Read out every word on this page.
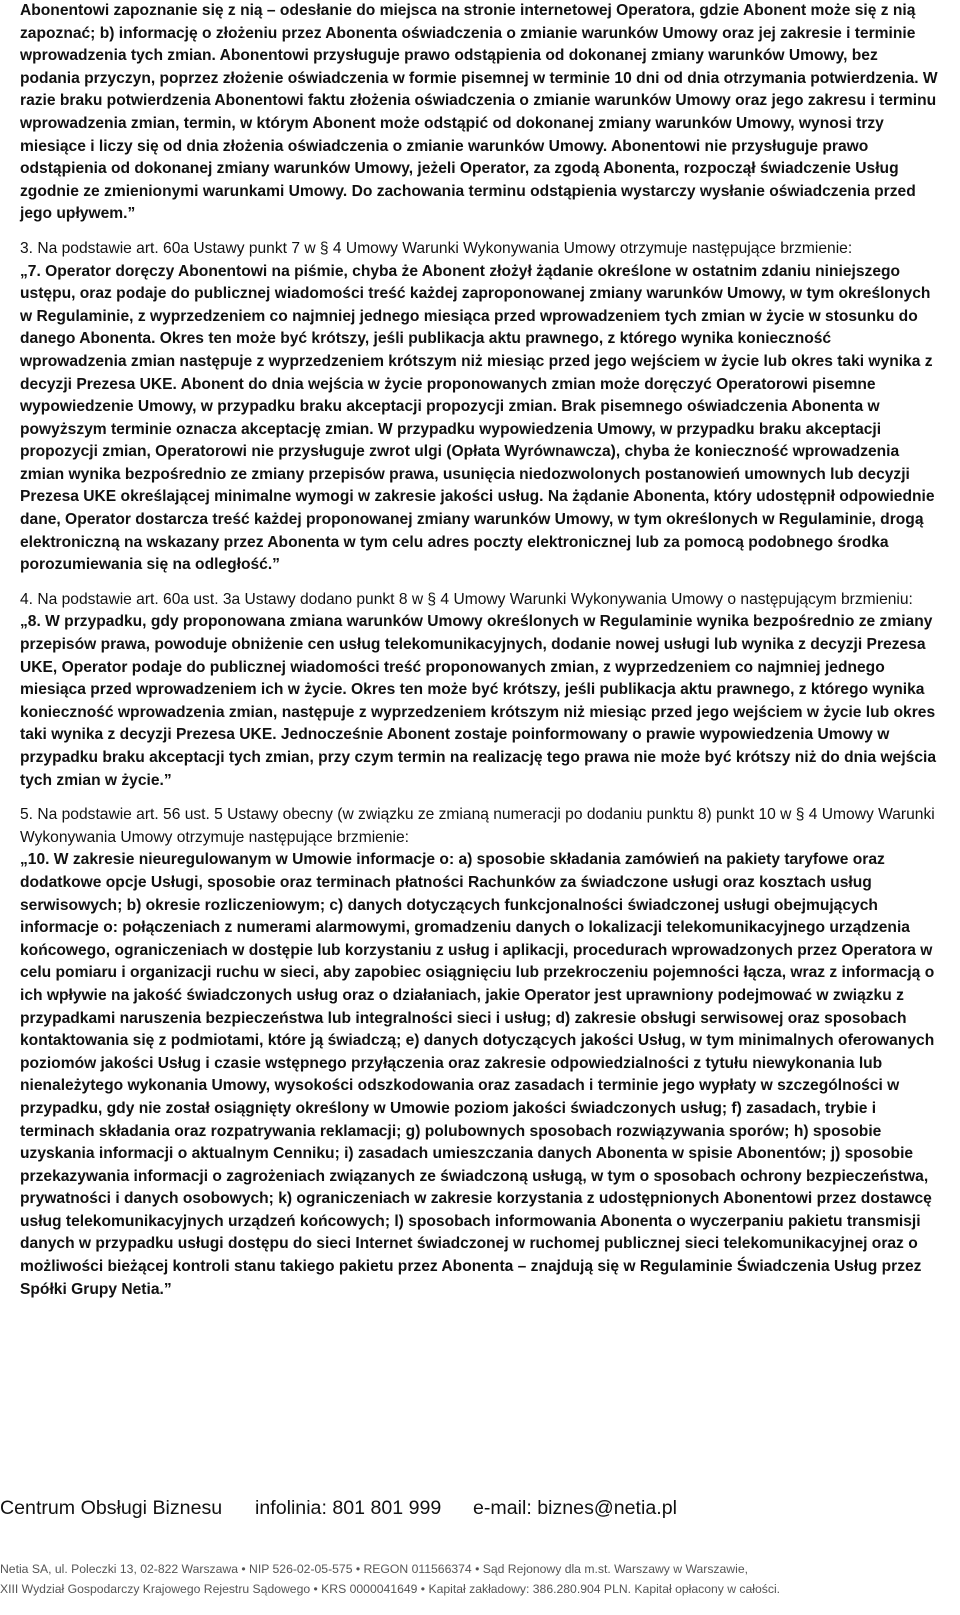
Abonentowi zapoznanie się z nią – odesłanie do miejsca na stronie internetowej Operatora, gdzie Abonent może się z nią zapoznać; b) informację o złożeniu przez Abonenta oświadczenia o zmianie warunków Umowy oraz jej zakresie i terminie wprowadzenia tych zmian. Abonentowi przysługuje prawo odstąpienia od dokonanej zmiany warunków Umowy, bez podania przyczyn, poprzez złożenie oświadczenia w formie pisemnej w terminie 10 dni od dnia otrzymania potwierdzenia. W razie braku potwierdzenia Abonentowi faktu złożenia oświadczenia o zmianie warunków Umowy oraz jego zakresu i terminu wprowadzenia zmian, termin, w którym Abonent może odstąpić od dokonanej zmiany warunków Umowy, wynosi trzy miesiące i liczy się od dnia złożenia oświadczenia o zmianie warunków Umowy. Abonentowi nie przysługuje prawo odstąpienia od dokonanej zmiany warunków Umowy, jeżeli Operator, za zgodą Abonenta, rozpoczął świadczenie Usług zgodnie ze zmienionymi warunkami Umowy. Do zachowania terminu odstąpienia wystarczy wysłanie oświadczenia przed jego upływem.”

3. Na podstawie art. 60a Ustawy punkt 7 w § 4 Umowy Warunki Wykonywania Umowy otrzymuje następujące brzmienie:

„7. Operator doręczy Abonentowi na piśmie, chyba że Abonent złożył żądanie określone w ostatnim zdaniu niniejszego ustępu, oraz podaje do publicznej wiadomości treść każdej zaproponowanej zmiany warunków Umowy, w tym określonych w Regulaminie, z wyprzedzeniem co najmniej jednego miesiąca przed wprowadzeniem tych zmian w życie w stosunku do danego Abonenta. Okres ten może być krótszy, jeśli publikacja aktu prawnego, z którego wynika konieczność wprowadzenia zmian następuje z wyprzedzeniem krótszym niż miesiąc przed jego wejściem w życie lub okres taki wynika z decyzji Prezesa UKE. Abonent do dnia wejścia w życie proponowanych zmian może doręczyć Operatorowi pisemne wypowiedzenie Umowy, w przypadku braku akceptacji propozycji zmian. Brak pisemnego oświadczenia Abonenta w powyższym terminie oznacza akceptację zmian. W przypadku wypowiedzenia Umowy, w przypadku braku akceptacji propozycji zmian, Operatorowi nie przysługuje zwrot ulgi (Opłata Wyrównawcza), chyba że konieczność wprowadzenia zmian wynika bezpośrednio ze zmiany przepisów prawa, usunięcia niedozwolonych postanowień umownych lub decyzji Prezesa UKE określającej minimalne wymogi w zakresie jakości usług. Na żądanie Abonenta, który udostępnił odpowiednie dane, Operator dostarcza treść każdej proponowanej zmiany warunków Umowy, w tym określonych w Regulaminie, drogą elektroniczną na wskazany przez Abonenta w tym celu adres poczty elektronicznej lub za pomocą podobnego środka porozumiewania się na odległość.”

4. Na podstawie art. 60a ust. 3a Ustawy dodano punkt 8 w § 4 Umowy Warunki Wykonywania Umowy o następującym brzmieniu:

„8. W przypadku, gdy proponowana zmiana warunków Umowy określonych w Regulaminie wynika bezpośrednio ze zmiany przepisów prawa, powoduje obniżenie cen usług telekomunikacyjnych, dodanie nowej usługi lub wynika z decyzji Prezesa UKE, Operator podaje do publicznej wiadomości treść proponowanych zmian, z wyprzedzeniem co najmniej jednego miesiąca przed wprowadzeniem ich w życie. Okres ten może być krótszy, jeśli publikacja aktu prawnego, z którego wynika konieczność wprowadzenia zmian, następuje z wyprzedzeniem krótszym niż miesiąc przed jego wejściem w życie lub okres taki wynika z decyzji Prezesa UKE. Jednocześnie Abonent zostaje poinformowany o prawie wypowiedzenia Umowy w przypadku braku akceptacji tych zmian, przy czym termin na realizację tego prawa nie może być krótszy niż do dnia wejścia tych zmian w życie.”

5. Na podstawie art. 56 ust. 5 Ustawy obecny (w związku ze zmianą numeracji po dodaniu punktu 8) punkt 10 w § 4 Umowy Warunki Wykonywania Umowy otrzymuje następujące brzmienie:

„10. W zakresie nieuregulowanym w Umowie informacje o: a) sposobie składania zamówień na pakiety taryfowe oraz dodatkowe opcje Usługi, sposobie oraz terminach płatności Rachunków za świadczone usługi oraz kosztach usług serwisowych; b) okresie rozliczeniowym; c) danych dotyczących funkcjonalności świadczonej usługi obejmujących informacje o: połączeniach z numerami alarmowymi, gromadzeniu danych o lokalizacji telekomunikacyjnego urządzenia końcowego, ograniczeniach w dostępie lub korzystaniu z usług i aplikacji, procedurach wprowadzonych przez Operatora w celu pomiaru i organizacji ruchu w sieci, aby zapobiec osiągnięciu lub przekroczeniu pojemności łącza, wraz z informacją o ich wpływie na jakość świadczonych usług oraz o działaniach, jakie Operator jest uprawniony podejmować w związku z przypadkami naruszenia bezpieczeństwa lub integralności sieci i usług; d) zakresie obsługi serwisowej oraz sposobach kontaktowania się z podmiotami, które ją świadczą; e) danych dotyczących jakości Usług, w tym minimalnych oferowanych poziomów jakości Usług i czasie wstępnego przyłączenia oraz zakresie odpowiedzialności z tytułu niewykonania lub nienależytego wykonania Umowy, wysokości odszkodowania oraz zasadach i terminie jego wypłaty w szczególności w przypadku, gdy nie został osiągnięty określony w Umowie poziom jakości świadczonych usług; f) zasadach, trybie i terminach składania oraz rozpatrywania reklamacji; g) polubownych sposobach rozwiązywania sporów; h) sposobie uzyskania informacji o aktualnym Cenniku; i) zasadach umieszczania danych Abonenta w spisie Abonentów; j) sposobie przekazywania informacji o zagrożeniach związanych ze świadczoną usługą, w tym o sposobach ochrony bezpieczeństwa, prywatności i danych osobowych; k) ograniczeniach w zakresie korzystania z udostępnionych Abonentowi przez dostawcę usług telekomunikacyjnych urządzeń końcowych; l) sposobach informowania Abonenta o wyczerpaniu pakietu transmisji danych w przypadku usługi dostępu do sieci Internet świadczonej w ruchomej publicznej sieci telekomunikacyjnej oraz o możliwości bieżącej kontroli stanu takiego pakietu przez Abonenta – znajdują się w Regulaminie Świadczenia Usług przez Spółki Grupy Netia.”

Centrum Obsługi Biznesu infolinia: 801 801 999 e-mail: biznes@netia.pl
Netia SA, ul. Poleczki 13, 02-822 Warszawa • NIP 526-02-05-575 • REGON 011566374 • Sąd Rejonowy dla m.st. Warszawy w Warszawie,
XIII Wydział Gospodarczy Krajowego Rejestru Sądowego • KRS 0000041649 • Kapitał zakładowy: 386.280.904 PLN. Kapitał opłacony w całości.
